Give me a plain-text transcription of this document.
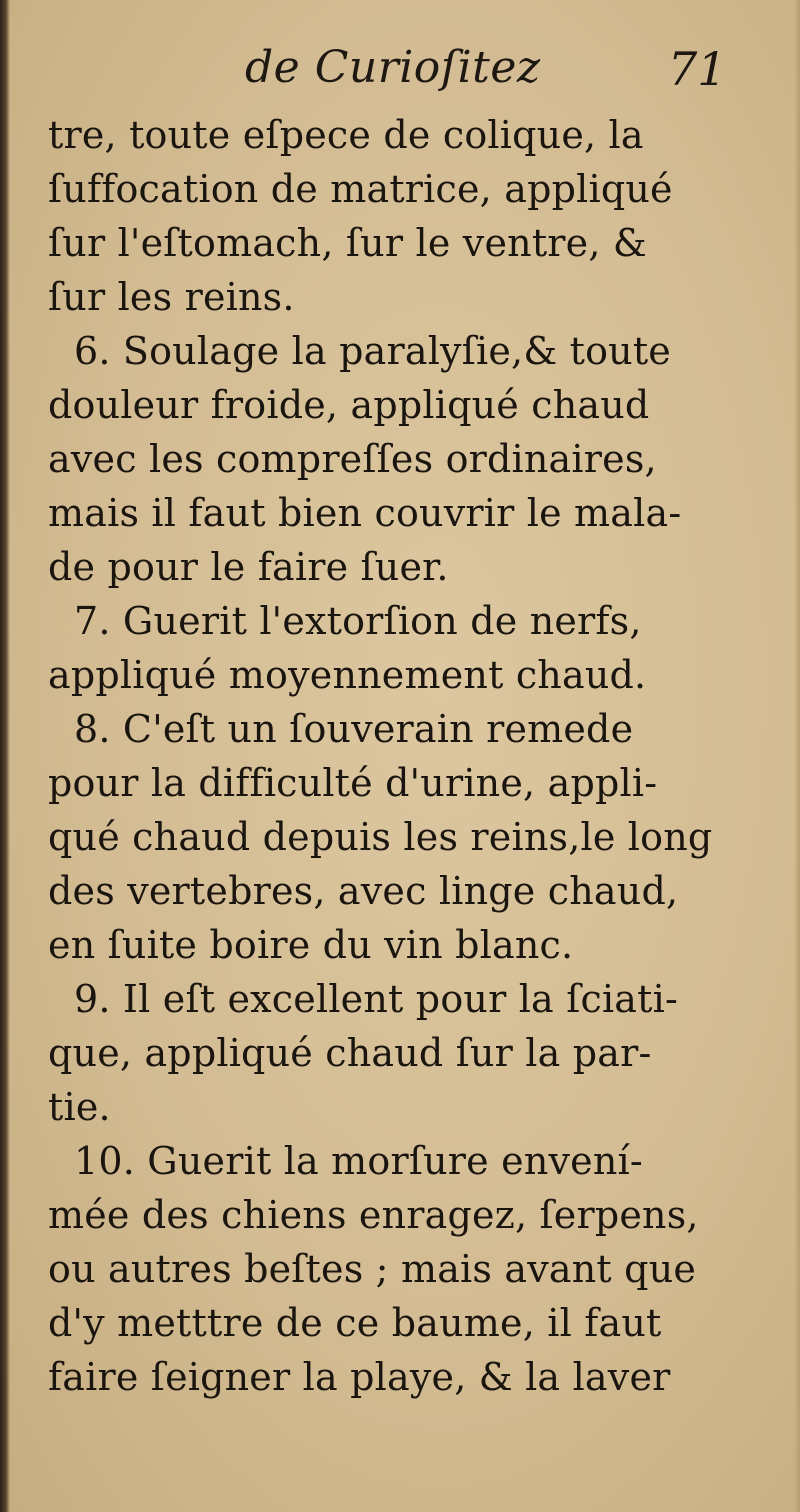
de Curioſitez	71
tre, toute eſpece de colique, la
ſuffocation de matrice, appliqué
ſur l'eſtomach, ſur le ventre, &
ſur les reins.
6. Soulage la paralyſie,& toute
douleur froide, appliqué chaud
avec les compreſſes ordinaires,
mais il faut bien couvrir le mala-
de pour le faire ſuer.
7. Guerit l'extorſion de nerfs,
appliqué moyennement chaud.
8. C'eſt un ſouverain remede
pour la difficulté d'urine, appli-
qué chaud depuis les reins,le long
des vertebres, avec linge chaud,
en ſuite boire du vin blanc.
9. Il eſt excellent pour la ſciati-
que, appliqué chaud ſur la par-
tie.
10. Guerit la morſure envení-
mée des chiens enragez, ſerpens,
ou autres beſtes ; mais avant que
d'y metttre de ce baume, il faut
faire ſeigner la playe, & la laver
